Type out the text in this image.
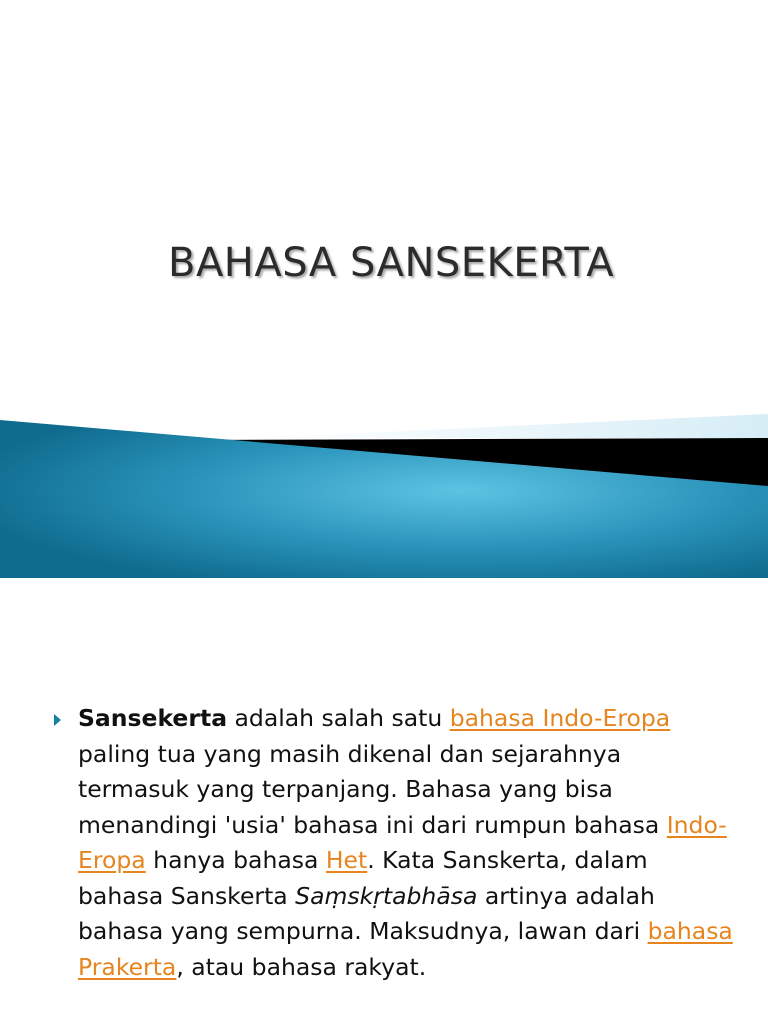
BAHASA SANSEKERTA

Sansekerta adalah salah satu bahasa Indo-Eropa paling tua yang masih dikenal dan sejarahnya termasuk yang terpanjang. Bahasa yang bisa menandingi 'usia' bahasa ini dari rumpun bahasa Indo-Eropa hanya bahasa Het. Kata Sanskerta, dalam bahasa Sanskerta Saṃskṛtabhāsa artinya adalah bahasa yang sempurna. Maksudnya, lawan dari bahasa Prakerta, atau bahasa rakyat.
